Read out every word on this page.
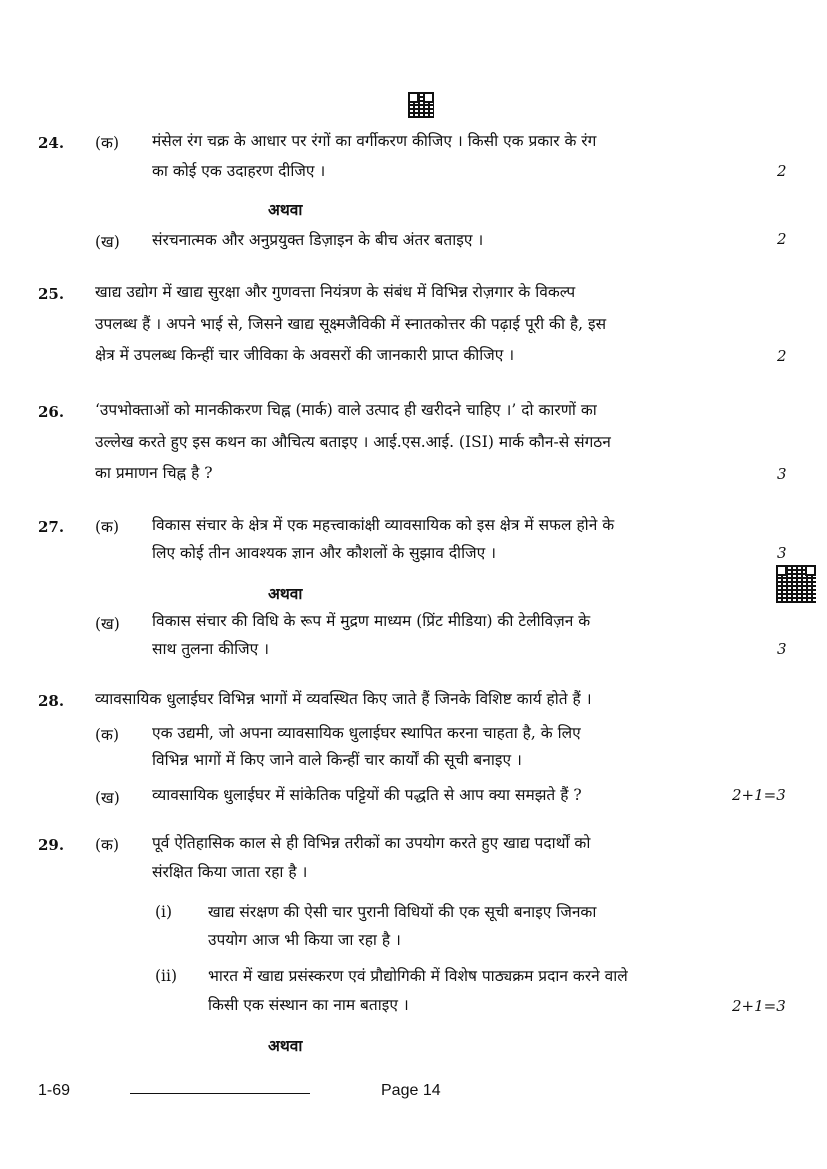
24. (क) मंसेल रंग चक्र के आधार पर रंगों का वर्गीकरण कीजिए । किसी एक प्रकार के रंग
का कोई एक उदाहरण दीजिए ।	2
अथवा
(ख) संरचनात्मक और अनुप्रयुक्त डिज़ाइन के बीच अंतर बताइए ।	2
25. खाद्य उद्योग में खाद्य सुरक्षा और गुणवत्ता नियंत्रण के संबंध में विभिन्न रोज़गार के विकल्प
उपलब्ध हैं । अपने भाई से, जिसने खाद्य सूक्ष्मजैविकी में स्नातकोत्तर की पढ़ाई पूरी की है, इस
क्षेत्र में उपलब्ध किन्हीं चार जीविका के अवसरों की जानकारी प्राप्त कीजिए ।	2
26. ‘उपभोक्ताओं को मानकीकरण चिह्न (मार्क) वाले उत्पाद ही खरीदने चाहिए ।’ दो कारणों का
उल्लेख करते हुए इस कथन का औचित्य बताइए । आई.एस.आई. (ISI) मार्क कौन-से संगठन
का प्रमाणन चिह्न है ?	3
27. (क) विकास संचार के क्षेत्र में एक महत्त्वाकांक्षी व्यावसायिक को इस क्षेत्र में सफल होने के
लिए कोई तीन आवश्यक ज्ञान और कौशलों के सुझाव दीजिए ।	3
अथवा
(ख) विकास संचार की विधि के रूप में मुद्रण माध्यम (प्रिंट मीडिया) की टेलीविज़न के
साथ तुलना कीजिए ।	3
28. व्यावसायिक धुलाईघर विभिन्न भागों में व्यवस्थित किए जाते हैं जिनके विशिष्ट कार्य होते हैं ।
(क) एक उद्यमी, जो अपना व्यावसायिक धुलाईघर स्थापित करना चाहता है, के लिए
विभिन्न भागों में किए जाने वाले किन्हीं चार कार्यों की सूची बनाइए ।
(ख) व्यावसायिक धुलाईघर में सांकेतिक पट्टियों की पद्धति से आप क्या समझते हैं ?	2+1=3
29. (क) पूर्व ऐतिहासिक काल से ही विभिन्न तरीकों का उपयोग करते हुए खाद्य पदार्थों को
संरक्षित किया जाता रहा है ।
(i) खाद्य संरक्षण की ऐसी चार पुरानी विधियों की एक सूची बनाइए जिनका
उपयोग आज भी किया जा रहा है ।
(ii) भारत में खाद्य प्रसंस्करण एवं प्रौद्योगिकी में विशेष पाठ्यक्रम प्रदान करने वाले
किसी एक संस्थान का नाम बताइए ।	2+1=3
अथवा
1-69	Page 14
